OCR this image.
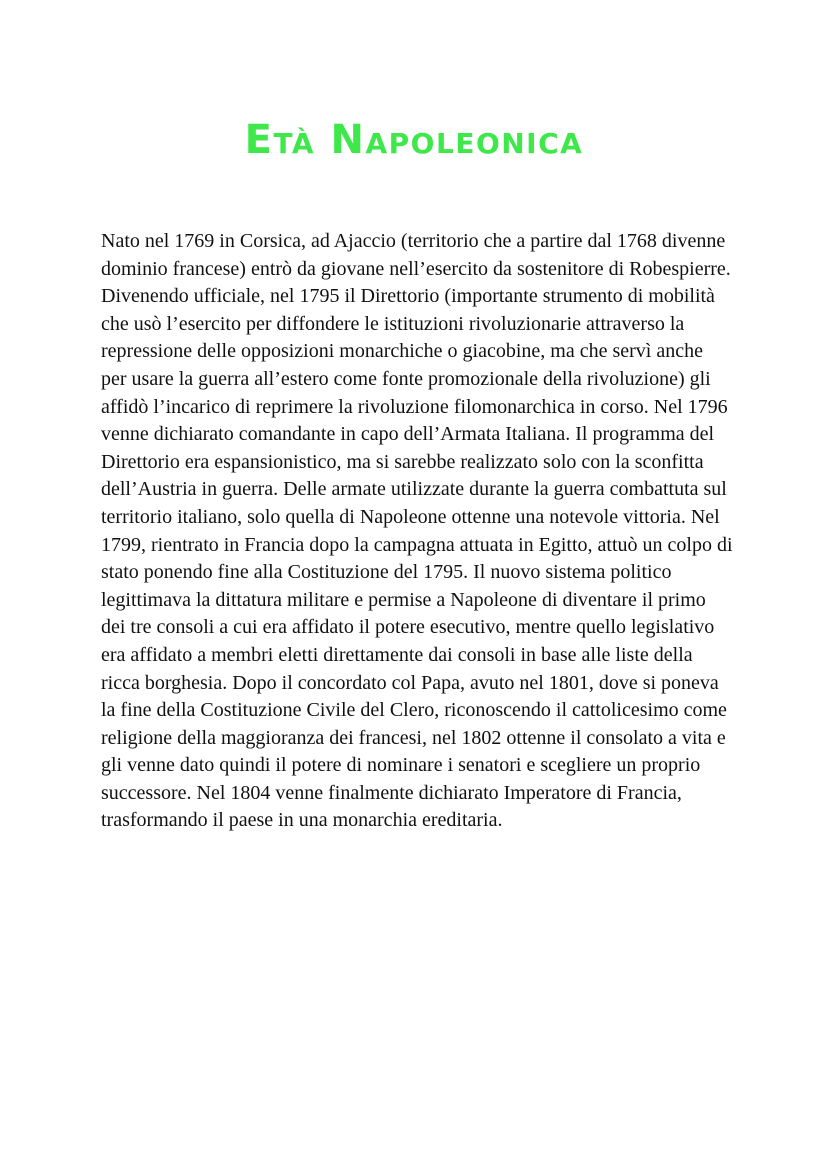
Età Napoleonica

Nato nel 1769 in Corsica, ad Ajaccio (territorio che a partire dal 1768 divenne dominio francese) entrò da giovane nell’esercito da sostenitore di Robespierre. Divenendo ufficiale, nel 1795 il Direttorio (importante strumento di mobilità che usò l’esercito per diffondere le istituzioni rivoluzionarie attraverso la repressione delle opposizioni monarchiche o giacobine, ma che servì anche per usare la guerra all’estero come fonte promozionale della rivoluzione) gli affidò l’incarico di reprimere la rivoluzione filomonarchica in corso. Nel 1796 venne dichiarato comandante in capo dell’Armata Italiana. Il programma del Direttorio era espansionistico, ma si sarebbe realizzato solo con la sconfitta dell’Austria in guerra. Delle armate utilizzate durante la guerra combattuta sul territorio italiano, solo quella di Napoleone ottenne una notevole vittoria. Nel 1799, rientrato in Francia dopo la campagna attuata in Egitto, attuò un colpo di stato ponendo fine alla Costituzione del 1795. Il nuovo sistema politico legittimava la dittatura militare e permise a Napoleone di diventare il primo dei tre consoli a cui era affidato il potere esecutivo, mentre quello legislativo era affidato a membri eletti direttamente dai consoli in base alle liste della ricca borghesia. Dopo il concordato col Papa, avuto nel 1801, dove si poneva la fine della Costituzione Civile del Clero, riconoscendo il cattolicesimo come religione della maggioranza dei francesi, nel 1802 ottenne il consolato a vita e gli venne dato quindi il potere di nominare i senatori e scegliere un proprio successore. Nel 1804 venne finalmente dichiarato Imperatore di Francia, trasformando il paese in una monarchia ereditaria.
